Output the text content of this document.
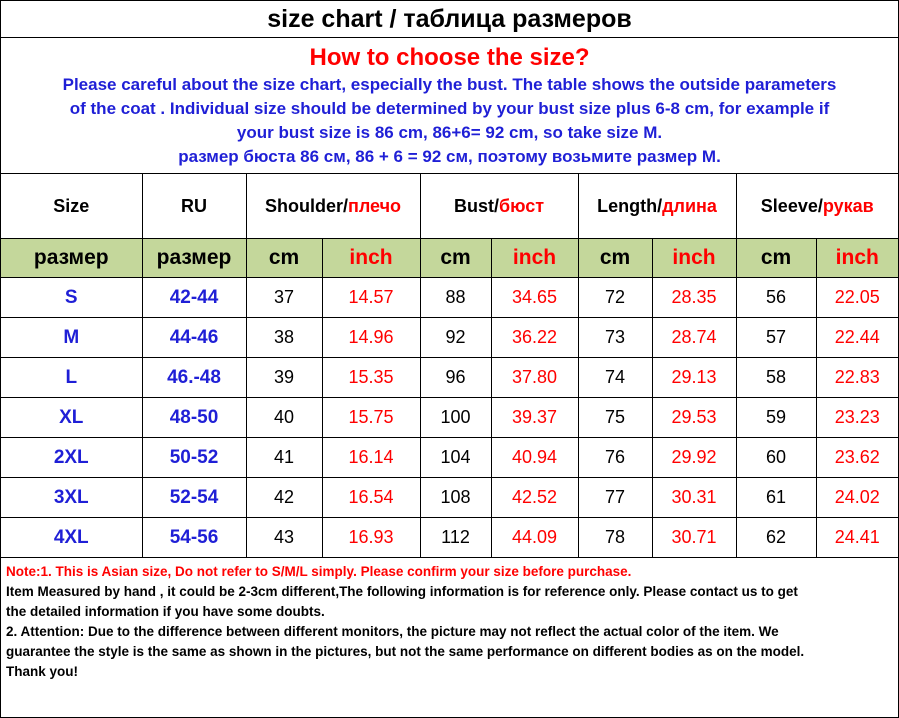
size chart / таблица размеров
How to choose the size?
Please careful about the size chart, especially the bust. The table shows the outside parameters
of the coat . Individual size should be determined by your bust size plus 6-8 cm, for example if
your bust size is 86 cm, 86+6= 92 cm, so take size M.
размер бюста 86 см, 86 + 6 = 92 см, поэтому возьмите размер М.
Size	RU	Shoulder/плечо		Bust/бюст		Length/длина		Sleeve/рукав	
размер	размер	cm	inch	cm	inch	cm	inch	cm	inch
S	42-44	37	14.57	88	34.65	72	28.35	56	22.05
M	44-46	38	14.96	92	36.22	73	28.74	57	22.44
L	46.-48	39	15.35	96	37.80	74	29.13	58	22.83
XL	48-50	40	15.75	100	39.37	75	29.53	59	23.23
2XL	50-52	41	16.14	104	40.94	76	29.92	60	23.62
3XL	52-54	42	16.54	108	42.52	77	30.31	61	24.02
4XL	54-56	43	16.93	112	44.09	78	30.71	62	24.41
Note:1. This is Asian size, Do not refer to S/M/L simply. Please confirm your size before purchase.
Item Measured by hand , it could be 2-3cm different,The following information is for reference only. Please contact us to get
the detailed information if you have some doubts.
2. Attention: Due to the difference between different monitors, the picture may not reflect the actual color of the item. We
guarantee the style is the same as shown in the pictures, but not the same performance on different bodies as on the model.
Thank you!
